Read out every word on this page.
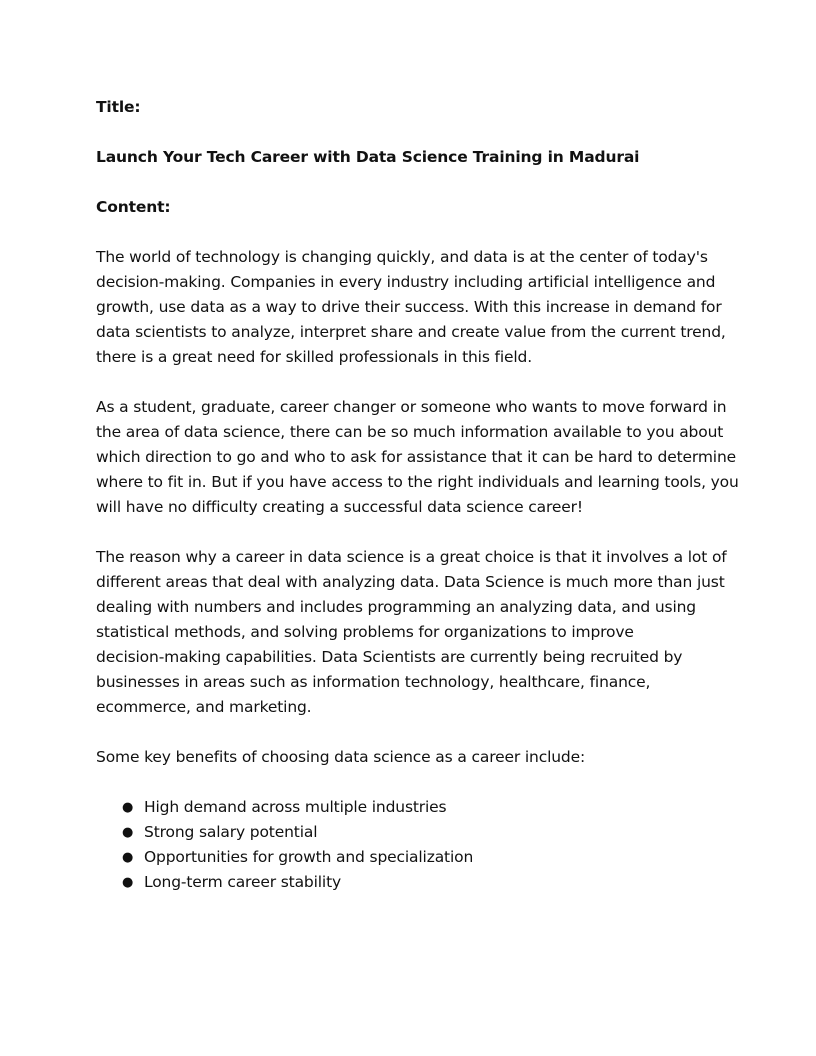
Title:
Launch Your Tech Career with Data Science Training in Madurai
Content:

The world of technology is changing quickly, and data is at the center of today's
decision-making. Companies in every industry including artificial intelligence and
growth, use data as a way to drive their success. With this increase in demand for
data scientists to analyze, interpret share and create value from the current trend,
there is a great need for skilled professionals in this field.

As a student, graduate, career changer or someone who wants to move forward in
the area of data science, there can be so much information available to you about
which direction to go and who to ask for assistance that it can be hard to determine
where to fit in. But if you have access to the right individuals and learning tools, you
will have no difficulty creating a successful data science career!

The reason why a career in data science is a great choice is that it involves a lot of
different areas that deal with analyzing data. Data Science is much more than just
dealing with numbers and includes programming an analyzing data, and using
statistical methods, and solving problems for organizations to improve
decision-making capabilities. Data Scientists are currently being recruited by
businesses in areas such as information technology, healthcare, finance,
ecommerce, and marketing.

Some key benefits of choosing data science as a career include:

● High demand across multiple industries
● Strong salary potential
● Opportunities for growth and specialization
● Long-term career stability
